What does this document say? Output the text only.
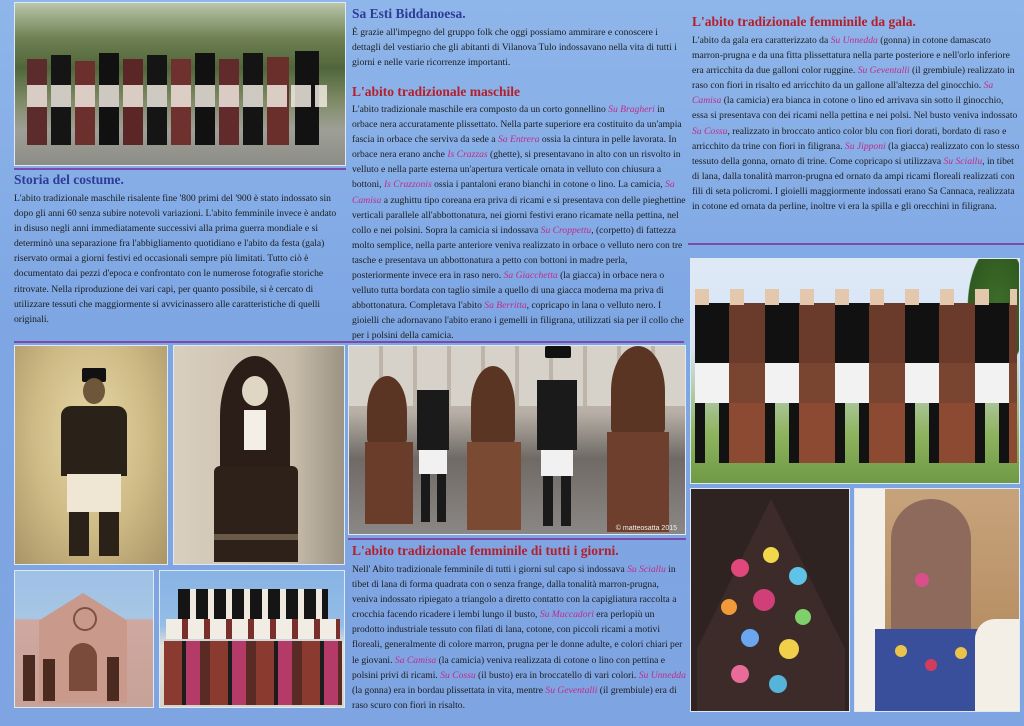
Sa Esti Biddanoesa.

È grazie all'impegno del gruppo folk che oggi possiamo ammirare e conoscere i dettagli del vestiario che gli abitanti di Vilanova Tulo indossavano nella vita di tutti i giorni e nelle varie ricorrenze importanti.

L'abito tradizionale maschile

L'abito tradizionale maschile era composto da un corto gonnellino Su Bragheri in orbace nera accuratamente plissettato. Nella parte superiore era costituito da un'ampia fascia in orbace che serviva da sede a Sa Entrera ossia la cintura in pelle lavorata. In orbace nera erano anche Is Crazzas (ghette), si presentavano in alto con un risvolto in velluto e nella parte esterna un'apertura verticale ornata in velluto con chiusura a bottoni, Is Crazzonis ossia i pantaloni erano bianchi in cotone o lino. La camicia, Sa Camisa a zughittu tipo coreana era priva di ricami e si presentava con delle pieghettine verticali parallele all'abbottonatura, nei giorni festivi erano ricamate nella pettina, nel collo e nei polsini. Sopra la camicia si indossava Su Croppettu, (corpetto) di fattezza molto semplice, nella parte anteriore veniva realizzato in orbace o velluto nero con tre tasche e presentava un abbottonatura a petto con bottoni in madre perla, posteriormente invece era in raso nero. Sa Giacchetta (la giacca) in orbace nera o velluto tutta bordata con taglio simile a quello di una giacca moderna ma priva di abbottonatura. Completava l'abito Sa Berritta, copricapo in lana o velluto nero. I gioielli che adornavano l'abito erano i gemelli in filigrana, utilizzati sia per il collo che per i polsini della camicia.

L'abito tradizionale femminile da gala.

L'abito da gala era caratterizzato da Su Unnedda (gonna) in cotone damascato marron-prugna e da una fitta plissettatura nella parte posteriore e nell'orlo inferiore era arricchita da due galloni color ruggine. Su Geventalli (il grembiule) realizzato in raso con fiori in risalto ed arricchito da un gallone all'altezza del ginocchio. Sa Camisa (la camicia) era bianca in cotone o lino ed arrivava sin sotto il ginocchio, essa si presentava con dei ricami nella pettina e nei polsi. Nel busto veniva indossato Su Cossu, realizzato in broccato antico color blu con fiori dorati, bordato di raso e arricchito da trine con fiori in filigrana. Su Jipponi (la giacca) realizzato con lo stesso tessuto della gonna, ornato di trine. Come copricapo si utilizzava Su Sciallu, in tibet di lana, dalla tonalità marron-prugna ed ornato da ampi ricami floreali realizzati con fili di seta policromi. I gioielli maggiormente indossati erano Sa Cannaca, realizzata in cotone ed ornata da perline, inoltre vi era la spilla e gli orecchini in filigrana.

Storia del costume.

L'abito tradizionale maschile risalente fine '800 primi del '900 è stato indossato sin dopo gli anni 60 senza subire notevoli variazioni. L'abito femminile invece è andato in disuso negli anni immediatamente successivi alla prima guerra mondiale e si determinò una separazione fra l'abbigliamento quotidiano e l'abito da festa (gala) riservato ormai a giorni festivi ed occasionali sempre più limitati. Tutto ciò è documentato dai pezzi d'epoca e confrontato con le numerose fotografie storiche ritrovate. Nella riproduzione dei vari capi, per quanto possibile, si è cercato di utilizzare tessuti che maggiormente si avvicinassero alle caratteristiche di quelli originali.

© matteosatta 2015
L'abito tradizionale femminile di tutti i giorni.

Nell' Abito tradizionale femminile di tutti i giorni sul capo si indossava Su Sciallu in tibet di lana di forma quadrata con o senza frange, dalla tonalità marron-prugna, veniva indossato ripiegato a triangolo a diretto contatto con la capigliatura raccolta a crocchia facendo ricadere i lembi lungo il busto, Su Muccadori era perlopiù un prodotto industriale tessuto con filati di lana, cotone, con piccoli ricami a motivi floreali, generalmente di colore marron, prugna per le donne adulte, e colori chiari per le giovani. Sa Camisa (la camicia) veniva realizzata di cotone o lino con pettina e polsini privi di ricami. Su Cossu (il busto) era in broccatello di vari colori. Su Unnedda (la gonna) era in bordau plissettata in vita, mentre Su Geventalli (il grembiule) era di raso scuro con fiori in risalto.
